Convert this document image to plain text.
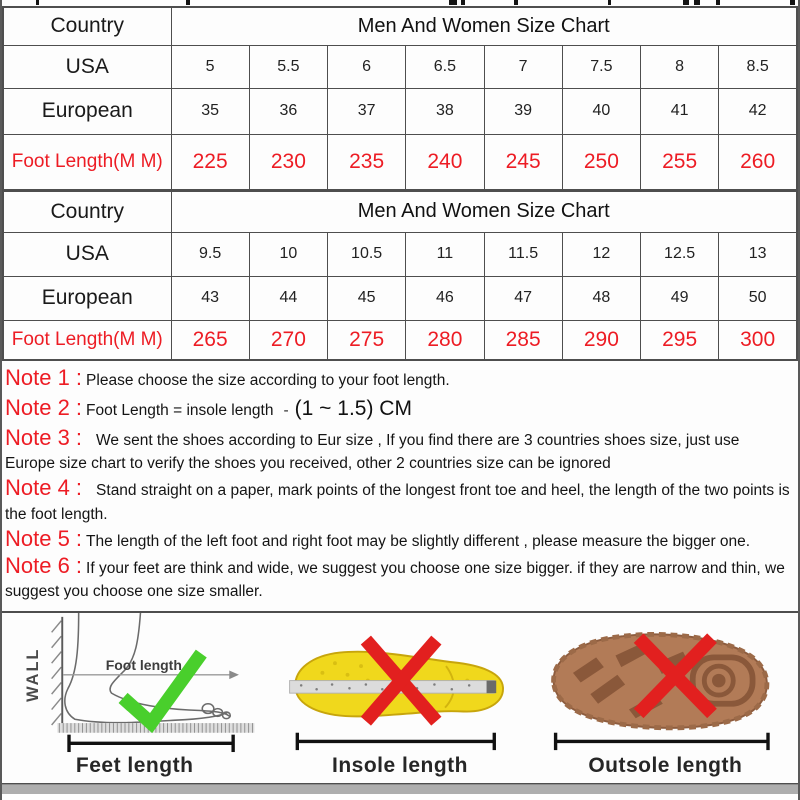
Country	Men And Women Size Chart							
USA	5	5.5	6	6.5	7	7.5	8	8.5
European	35	36	37	38	39	40	41	42
Foot Length(M M)	225	230	235	240	245	250	255	260
Country	Men And Women Size Chart							
USA	9.5	10	10.5	11	11.5	12	12.5	13
European	43	44	45	46	47	48	49	50
Foot Length(M M)	265	270	275	280	285	290	295	300
Note 1 : Please choose the size according to your foot length.
Note 2 : Foot Length = insole length - (1 ~ 1.5) CM
Note 3 : We sent the shoes according to Eur size , If you find there are 3 countries shoes size, just use Europe size chart to verify the shoes you received, other 2 countries size can be ignored
Note 4 : Stand straight on a paper, mark points of the longest front toe and heel, the length of the two points is the foot length.
Note 5 : The length of the left foot and right foot may be slightly different , please measure the bigger one.
Note 6 : If your feet are think and wide, we suggest you choose one size bigger. if they are narrow and thin, we suggest you choose one size smaller.
WALL	Foot length
Feet length	Insole length	Outsole length
